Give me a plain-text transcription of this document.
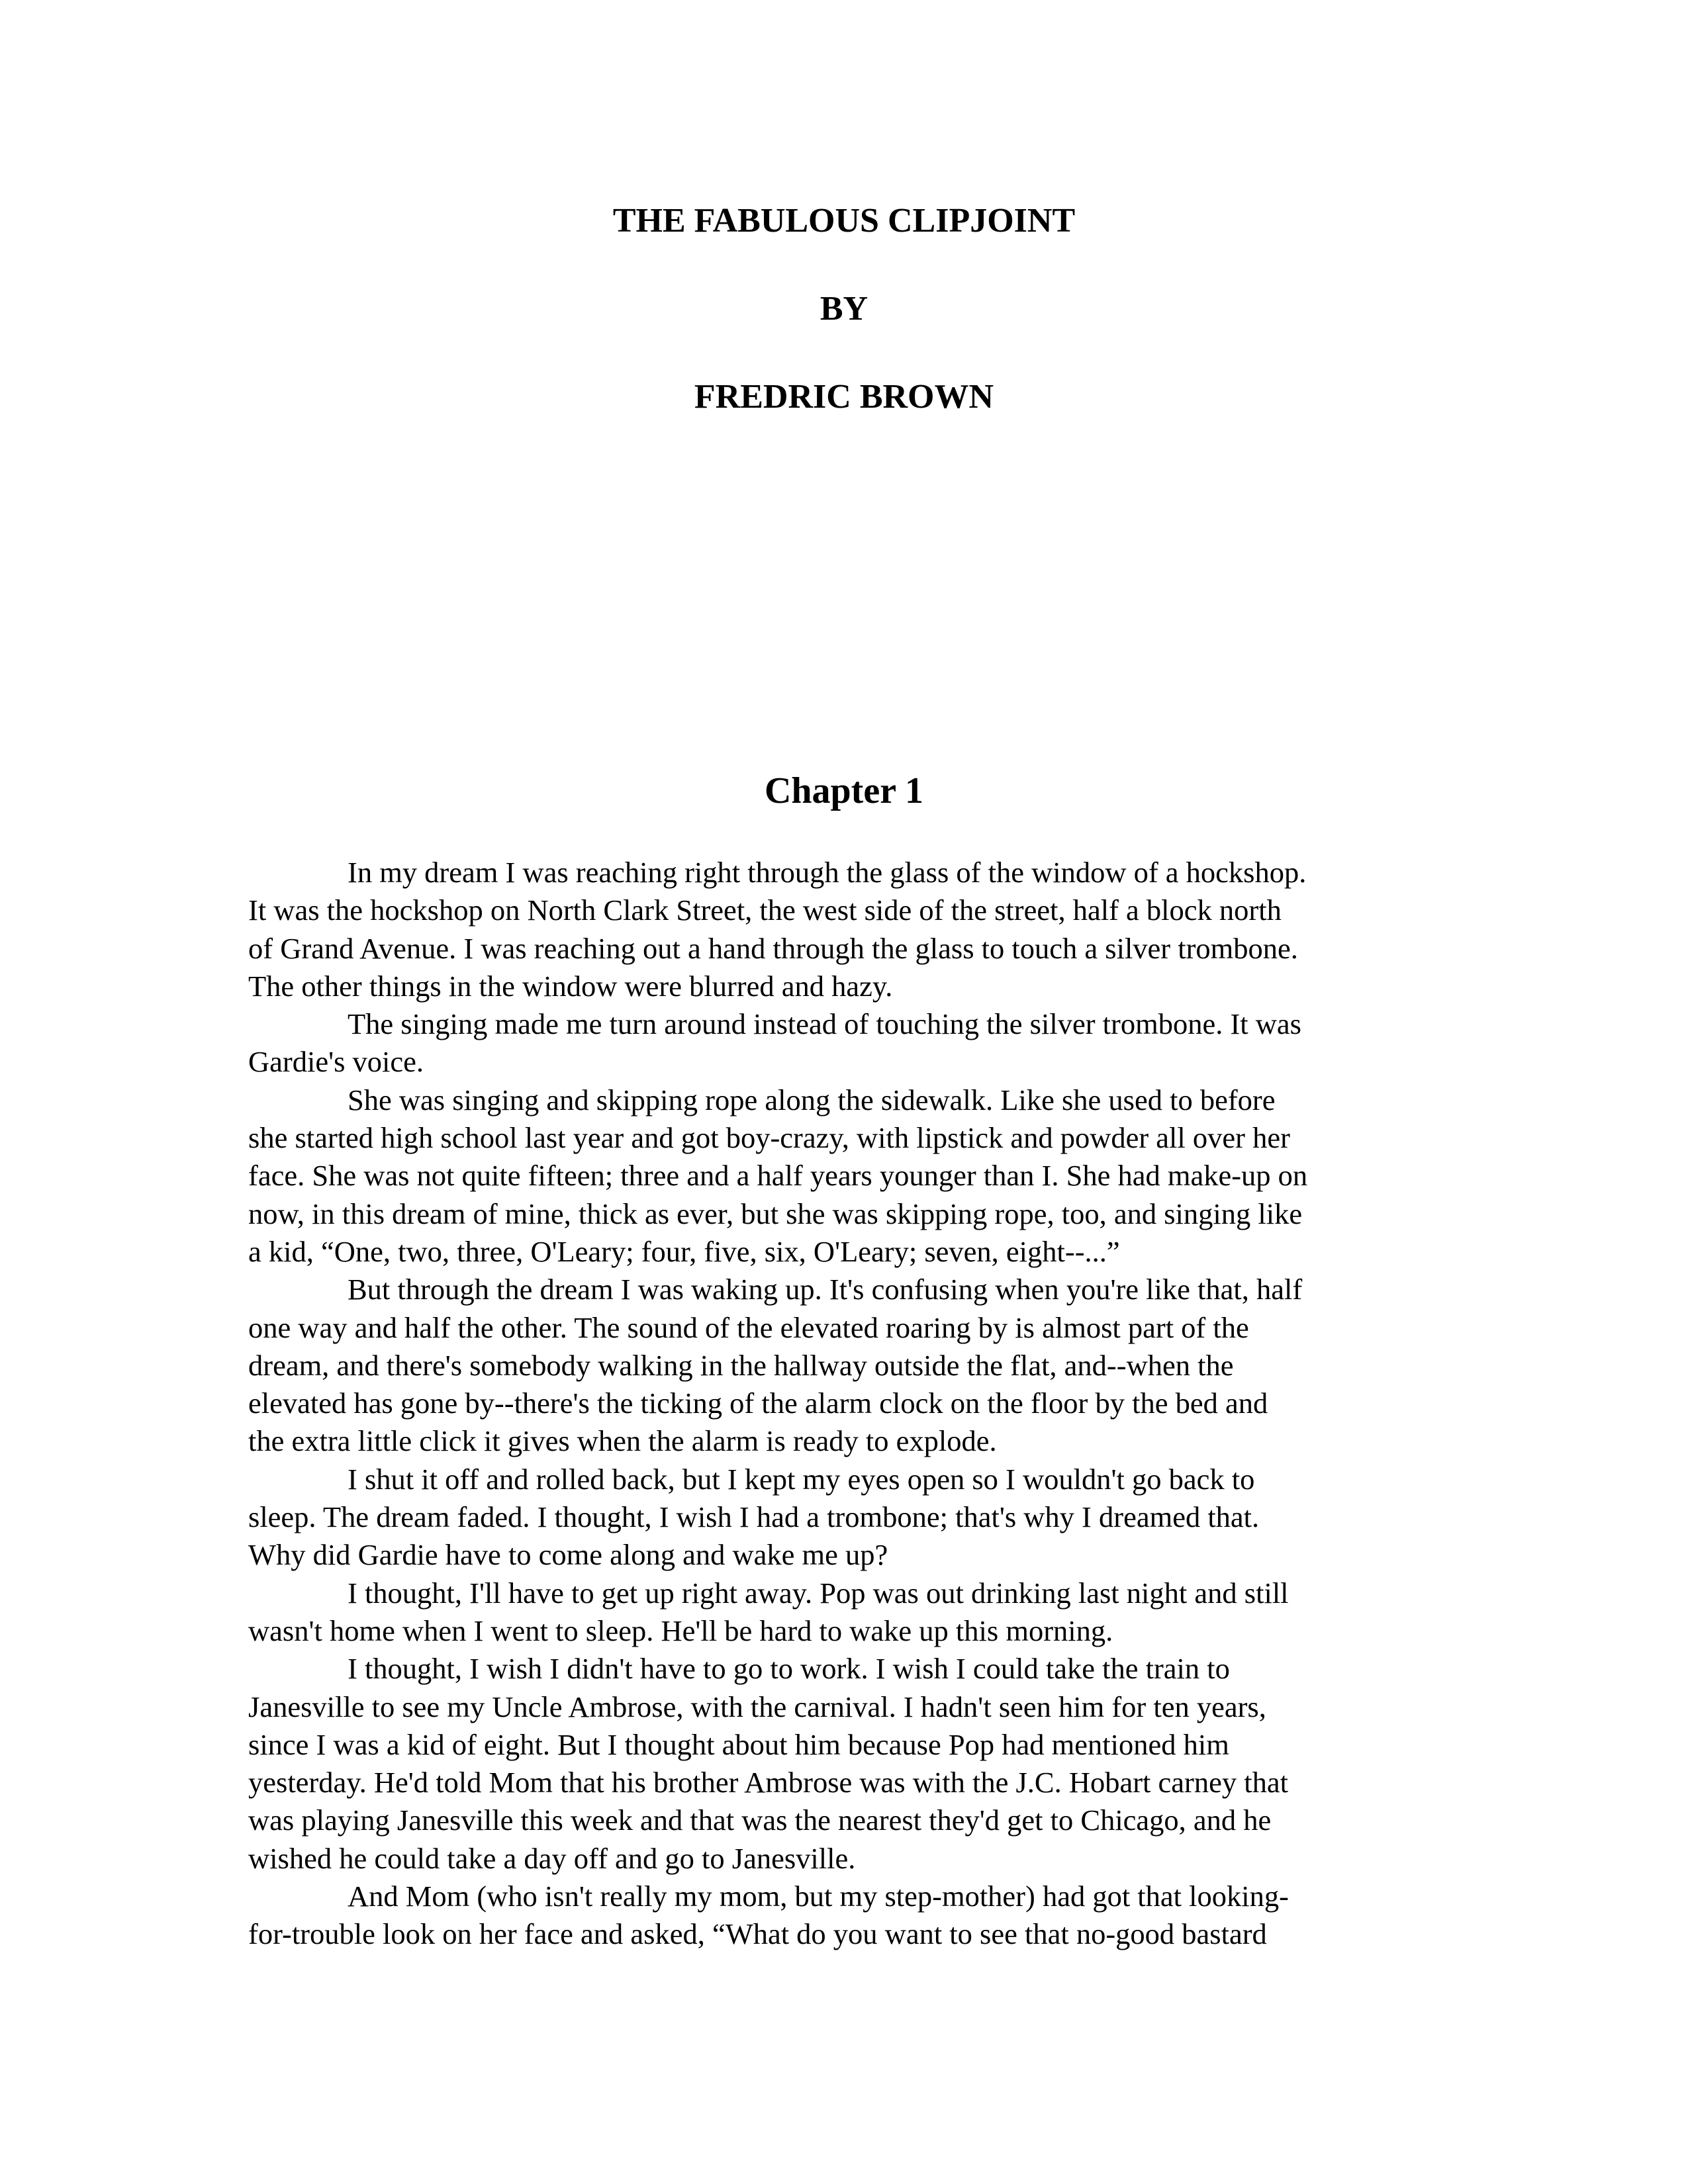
THE FABULOUS CLIPJOINT
BY
FREDRIC BROWN
Chapter 1
In my dream I was reaching right through the glass of the window of a hockshop.
It was the hockshop on North Clark Street, the west side of the street, half a block north
of Grand Avenue. I was reaching out a hand through the glass to touch a silver trombone.
The other things in the window were blurred and hazy.
The singing made me turn around instead of touching the silver trombone. It was
Gardie's voice.
She was singing and skipping rope along the sidewalk. Like she used to before
she started high school last year and got boy-crazy, with lipstick and powder all over her
face. She was not quite fifteen; three and a half years younger than I. She had make-up on
now, in this dream of mine, thick as ever, but she was skipping rope, too, and singing like
a kid, “One, two, three, O'Leary; four, five, six, O'Leary; seven, eight--...”
But through the dream I was waking up. It's confusing when you're like that, half
one way and half the other. The sound of the elevated roaring by is almost part of the
dream, and there's somebody walking in the hallway outside the flat, and--when the
elevated has gone by--there's the ticking of the alarm clock on the floor by the bed and
the extra little click it gives when the alarm is ready to explode.
I shut it off and rolled back, but I kept my eyes open so I wouldn't go back to
sleep. The dream faded. I thought, I wish I had a trombone; that's why I dreamed that.
Why did Gardie have to come along and wake me up?
I thought, I'll have to get up right away. Pop was out drinking last night and still
wasn't home when I went to sleep. He'll be hard to wake up this morning.
I thought, I wish I didn't have to go to work. I wish I could take the train to
Janesville to see my Uncle Ambrose, with the carnival. I hadn't seen him for ten years,
since I was a kid of eight. But I thought about him because Pop had mentioned him
yesterday. He'd told Mom that his brother Ambrose was with the J.C. Hobart carney that
was playing Janesville this week and that was the nearest they'd get to Chicago, and he
wished he could take a day off and go to Janesville.
And Mom (who isn't really my mom, but my step-mother) had got that looking-
for-trouble look on her face and asked, “What do you want to see that no-good bastard
